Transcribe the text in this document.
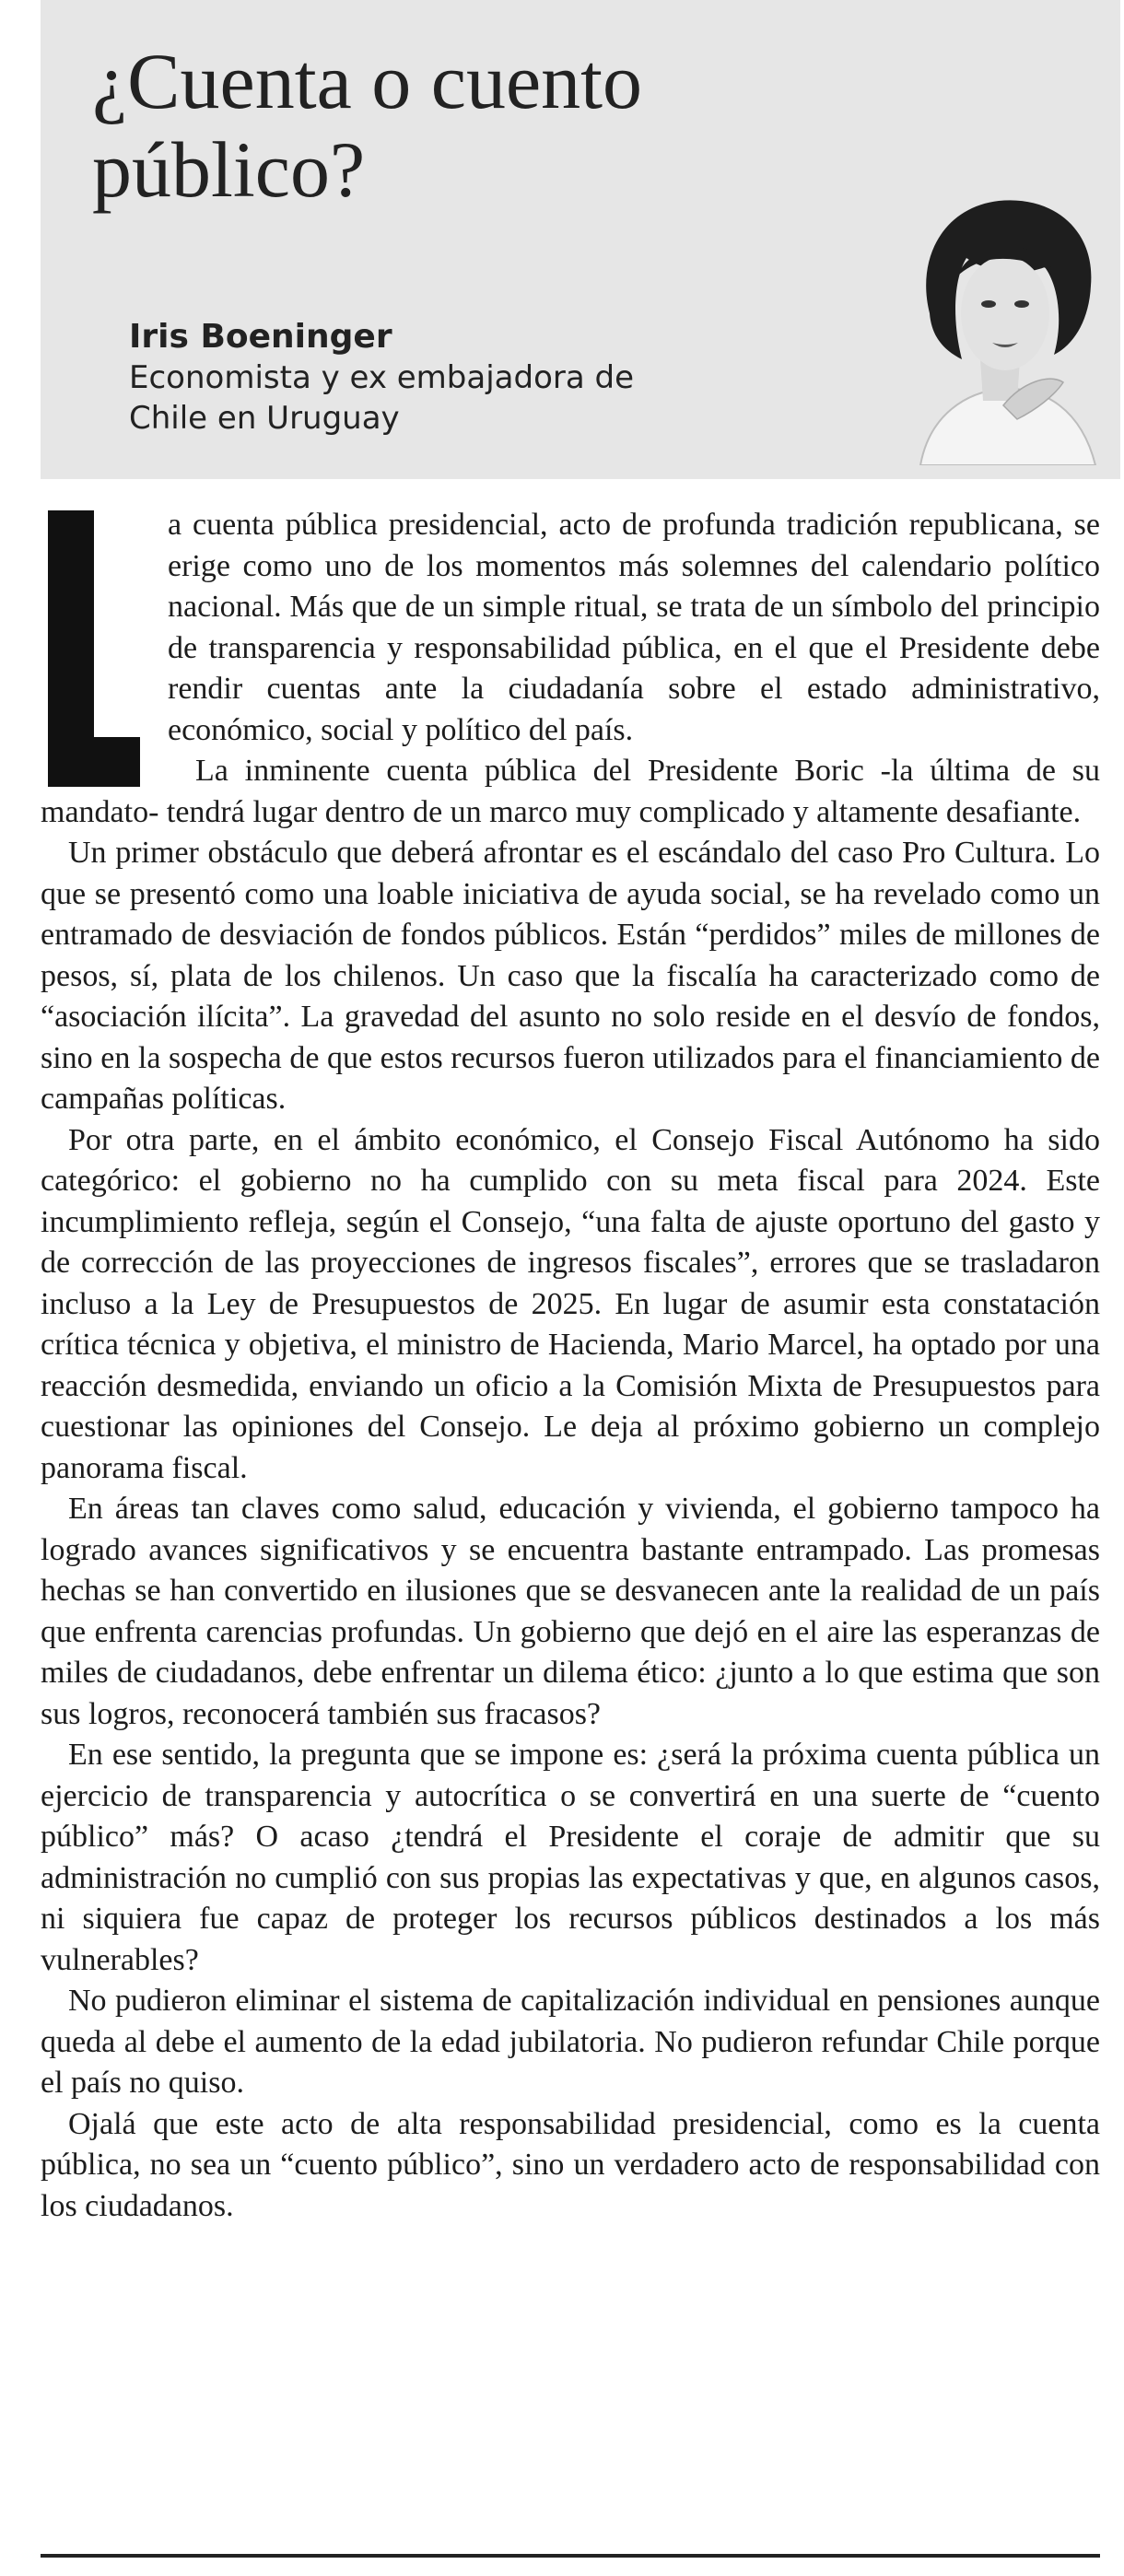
¿Cuenta o cuento público?
Iris Boeninger
Economista y ex embajadora de Chile en Uruguay

a cuenta pública presidencial, acto de profunda tradición republicana, se erige como uno de los momentos más solemnes del calendario político nacional. Más que de un simple ritual, se trata de un símbolo del principio de transparencia y responsabilidad pública, en el que el Presidente debe rendir cuentas ante la ciudadanía sobre el estado administrativo, económico, social y político del país.

La inminente cuenta pública del Presidente Boric -la última de su mandato- tendrá lugar dentro de un marco muy complicado y altamente desafiante.

Un primer obstáculo que deberá afrontar es el escándalo del caso Pro Cultura. Lo que se presentó como una loable iniciativa de ayuda social, se ha revelado como un entramado de desviación de fondos públicos. Están “perdidos” miles de millones de pesos, sí, plata de los chilenos. Un caso que la fiscalía ha caracterizado como de “asociación ilícita”. La gravedad del asunto no solo reside en el desvío de fondos, sino en la sospecha de que estos recursos fueron utilizados para el financiamiento de campañas políticas.

Por otra parte, en el ámbito económico, el Consejo Fiscal Autónomo ha sido categórico: el gobierno no ha cumplido con su meta fiscal para 2024. Este incumplimiento refleja, según el Consejo, “una falta de ajuste oportuno del gasto y de corrección de las proyecciones de ingresos fiscales”, errores que se trasladaron incluso a la Ley de Presupuestos de 2025. En lugar de asumir esta constatación crítica técnica y objetiva, el ministro de Hacienda, Mario Marcel, ha optado por una reacción desmedida, enviando un oficio a la Comisión Mixta de Presupuestos para cuestionar las opiniones del Consejo. Le deja al próximo gobierno un complejo panorama fiscal.

En áreas tan claves como salud, educación y vivienda, el gobierno tampoco ha logrado avances significativos y se encuentra bastante entrampado. Las promesas hechas se han convertido en ilusiones que se desvanecen ante la realidad de un país que enfrenta carencias profundas. Un gobierno que dejó en el aire las esperanzas de miles de ciudadanos, debe enfrentar un dilema ético: ¿junto a lo que estima que son sus logros, reconocerá también sus fracasos?

En ese sentido, la pregunta que se impone es: ¿será la próxima cuenta pública un ejercicio de transparencia y autocrítica o se convertirá en una suerte de “cuento público” más? O acaso ¿tendrá el Presidente el coraje de admitir que su administración no cumplió con sus propias las expectativas y que, en algunos casos, ni siquiera fue capaz de proteger los recursos públicos destinados a los más vulnerables?

No pudieron eliminar el sistema de capitalización individual en pensiones aunque queda al debe el aumento de la edad jubilatoria. No pudieron refundar Chile porque el país no quiso.

Ojalá que este acto de alta responsabilidad presidencial, como es la cuenta pública, no sea un “cuento público”, sino un verdadero acto de responsabilidad con los ciudadanos.
